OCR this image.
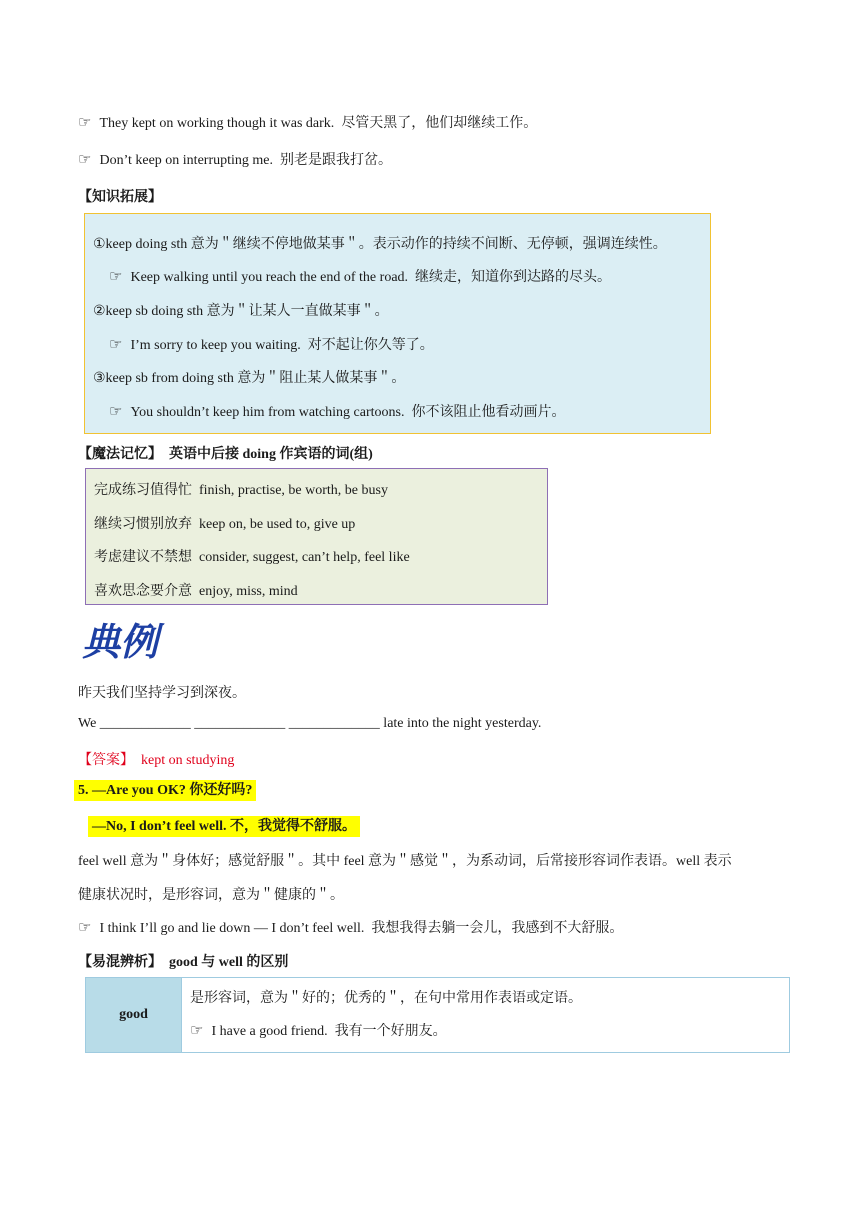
☞ They kept on working though it was dark. 尽管天黑了，他们却继续工作。
☞ Don’t keep on interrupting me. 别老是跟我打岔。
【知识拓展】
①keep doing sth 意为＂继续不停地做某事＂。表示动作的持续不间断、无停顿，强调连续性。
☞ Keep walking until you reach the end of the road. 继续走，知道你到达路的尽头。
②keep sb doing sth 意为＂让某人一直做某事＂。
☞ I’m sorry to keep you waiting. 对不起让你久等了。
③keep sb from doing sth 意为＂阻止某人做某事＂。
☞ You shouldn’t keep him from watching cartoons. 你不该阻止他看动画片。
【魔法记忆】 英语中后接 doing 作宾语的词(组)
完成练习值得忙 finish, practise, be worth, be busy
继续习惯别放弃 keep on, be used to, give up
考虑建议不禁想 consider, suggest, can’t help, feel like
喜欢思念要介意 enjoy, miss, mind
典例
昨天我们坚持学习到深夜。
We _____________ _____________ _____________ late into the night yesterday.
【答案】 kept on studying
5. —Are you OK? 你还好吗?
—No, I don’t feel well. 不，我觉得不舒服。
feel well 意为＂身体好；感觉舒服＂。其中 feel 意为＂感觉＂，为系动词，后常接形容词作表语。well 表示
健康状况时，是形容词，意为＂健康的＂。
☞ I think I’ll go and lie down — I don’t feel well. 我想我得去躺一会儿，我感到不大舒服。
【易混辨析】 good 与 well 的区别
good
是形容词，意为＂好的；优秀的＂，在句中常用作表语或定语。
☞ I have a good friend. 我有一个好朋友。
